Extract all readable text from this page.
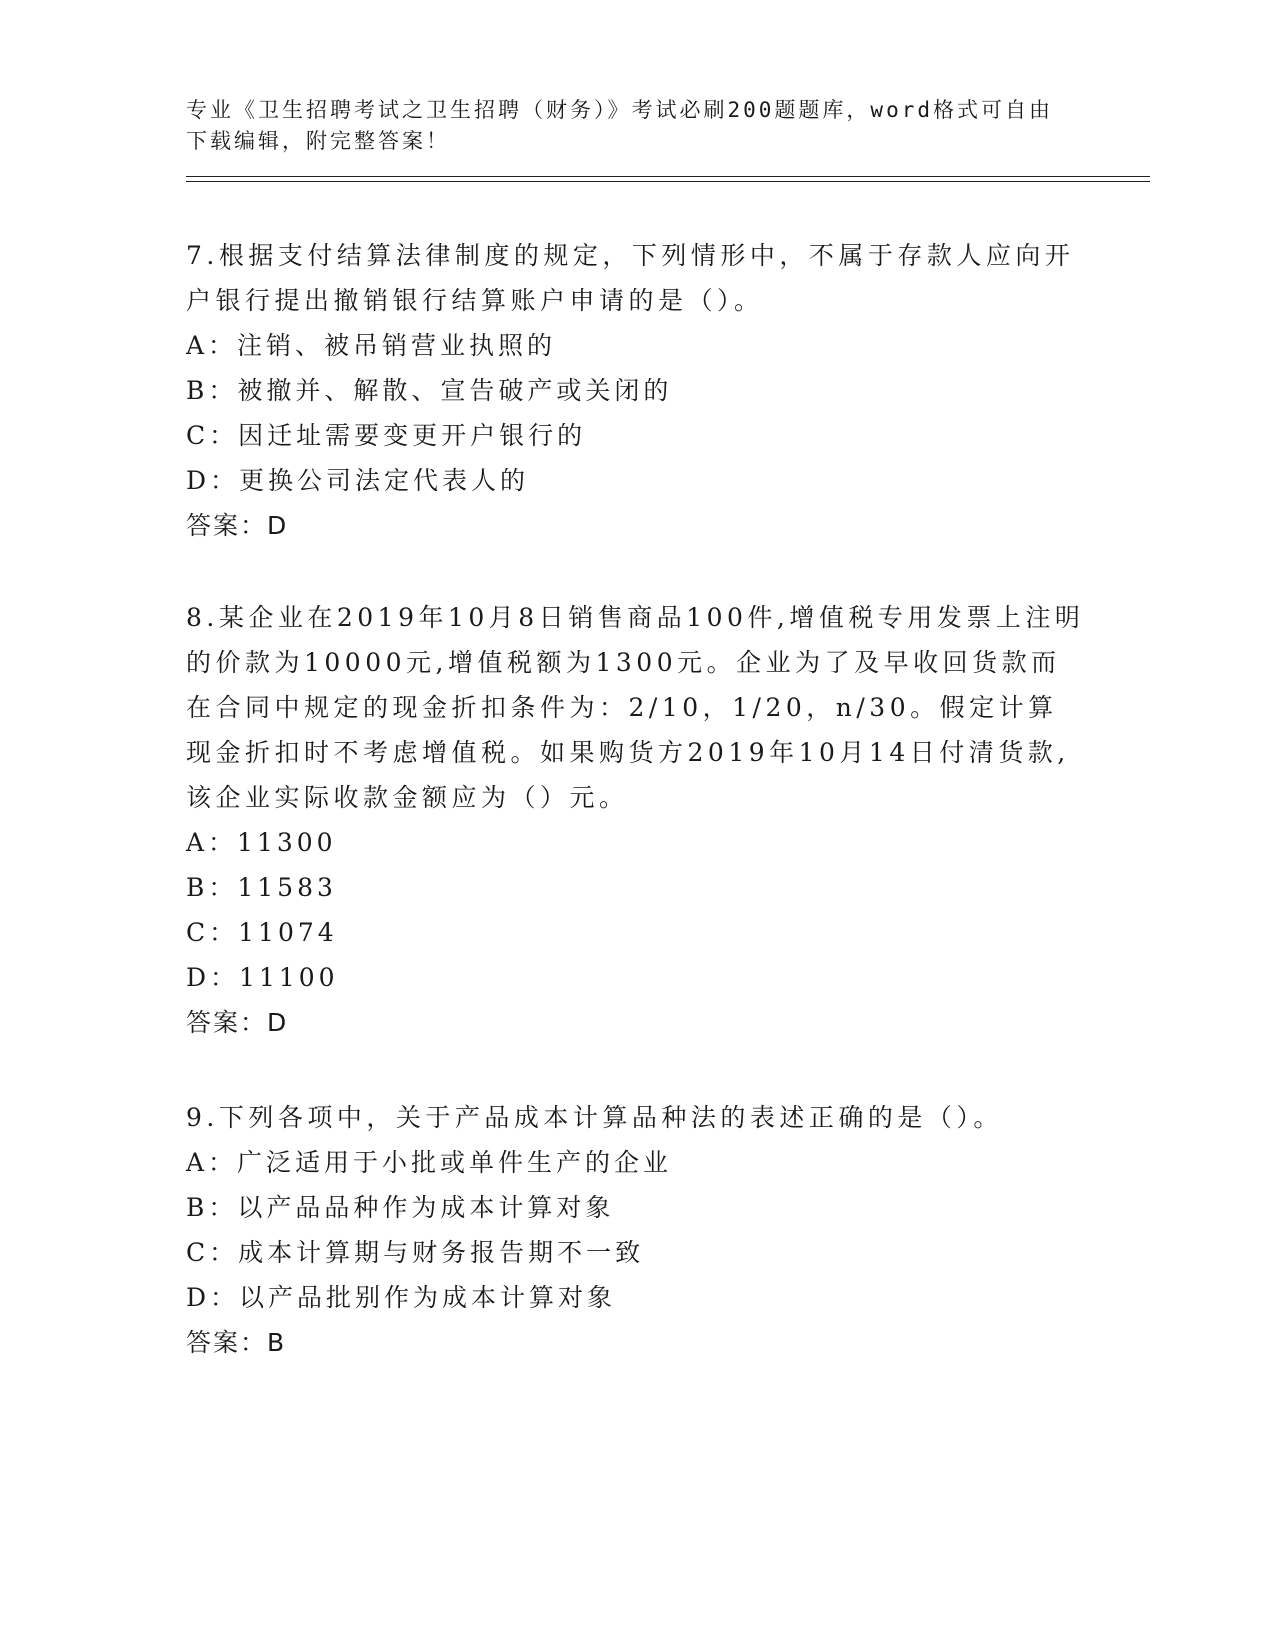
专业《卫生招聘考试之卫生招聘（财务）》考试必刷200题题库，word格式可自由下载编辑，附完整答案！

7.根据支付结算法律制度的规定，下列情形中，不属于存款人应向开户银行提出撤销银行结算账户申请的是（）。

A：注销、被吊销营业执照的

B：被撤并、解散、宣告破产或关闭的

C：因迁址需要变更开户银行的

D：更换公司法定代表人的

答案：D

8.某企业在2019年10月8日销售商品100件,增值税专用发票上注明的价款为10000元,增值税额为1300元。企业为了及早收回货款而在合同中规定的现金折扣条件为：2/10，1/20，n/30。假定计算现金折扣时不考虑增值税。如果购货方2019年10月14日付清货款,该企业实际收款金额应为（）元。

A：11300

B：11583

C：11074

D：11100

答案：D

9.下列各项中，关于产品成本计算品种法的表述正确的是（）。

A：广泛适用于小批或单件生产的企业

B：以产品品种作为成本计算对象

C：成本计算期与财务报告期不一致

D：以产品批别作为成本计算对象

答案：B
